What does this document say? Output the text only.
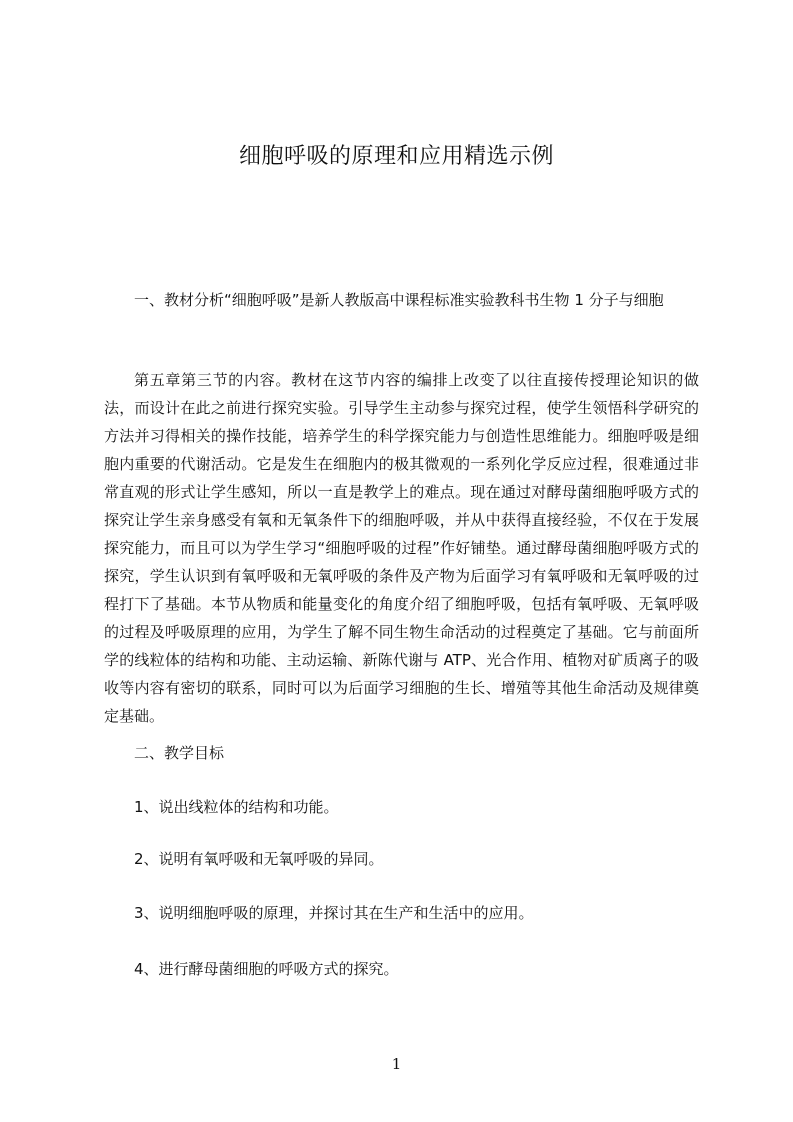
细胞呼吸的原理和应用精选示例

一、教材分析“细胞呼吸”是新人教版高中课程标准实验教科书生物 1 分子与细胞

第五章第三节的内容。教材在这节内容的编排上改变了以往直接传授理论知识的做法，而设计在此之前进行探究实验。引导学生主动参与探究过程，使学生领悟科学研究的方法并习得相关的操作技能，培养学生的科学探究能力与创造性思维能力。细胞呼吸是细胞内重要的代谢活动。它是发生在细胞内的极其微观的一系列化学反应过程，很难通过非常直观的形式让学生感知，所以一直是教学上的难点。现在通过对酵母菌细胞呼吸方式的探究让学生亲身感受有氧和无氧条件下的细胞呼吸，并从中获得直接经验，不仅在于发展探究能力，而且可以为学生学习“细胞呼吸的过程”作好铺垫。通过酵母菌细胞呼吸方式的探究，学生认识到有氧呼吸和无氧呼吸的条件及产物为后面学习有氧呼吸和无氧呼吸的过程打下了基础。本节从物质和能量变化的角度介绍了细胞呼吸，包括有氧呼吸、无氧呼吸的过程及呼吸原理的应用，为学生了解不同生物生命活动的过程奠定了基础。它与前面所学的线粒体的结构和功能、主动运输、新陈代谢与 ATP、光合作用、植物对矿质离子的吸收等内容有密切的联系，同时可以为后面学习细胞的生长、增殖等其他生命活动及规律奠定基础。

二、教学目标

1、说出线粒体的结构和功能。

2、说明有氧呼吸和无氧呼吸的异同。

3、说明细胞呼吸的原理，并探讨其在生产和生活中的应用。

4、进行酵母菌细胞的呼吸方式的探究。

1
